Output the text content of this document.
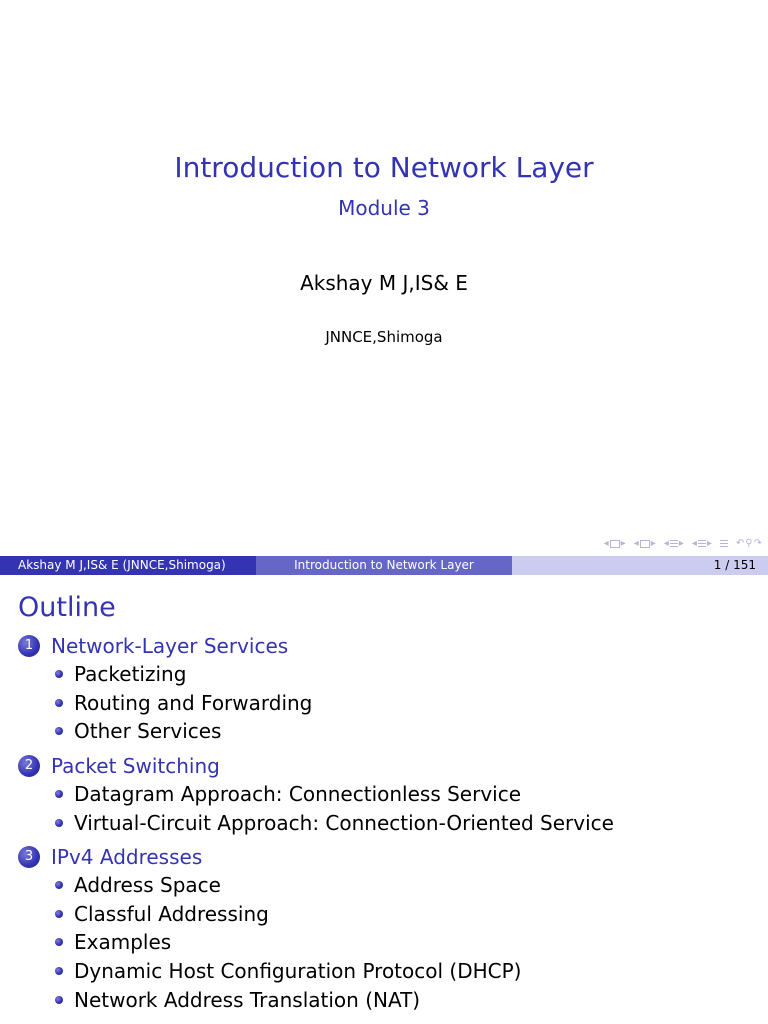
Introduction to Network Layer
Module 3
Akshay M J,IS& E
JNNCE,Shimoga
◂ ▸ ◂ ▸ ◂ ▸ ◂ ▸ ↶ ⚲ ↷
Akshay M J,IS& E (JNNCE,Shimoga)	Introduction to Network Layer	1 / 151
Outline
1 Network-Layer Services
Packetizing
Routing and Forwarding
Other Services
2 Packet Switching
Datagram Approach: Connectionless Service
Virtual-Circuit Approach: Connection-Oriented Service
3 IPv4 Addresses
Address Space
Classful Addressing
Examples
Dynamic Host Configuration Protocol (DHCP)
Network Address Translation (NAT)
